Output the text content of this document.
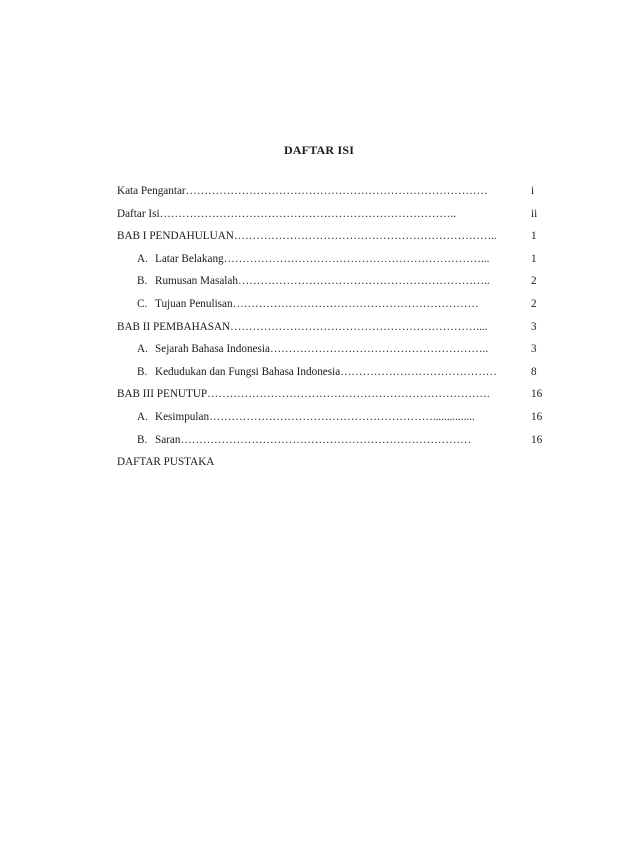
DAFTAR ISI
Kata Pengantar………………………………………………………………………	i
Daftar Isi……………………………………………………………………..	ii
BAB I PENDAHULUAN……………………………………………………………..	1
A. Latar Belakang……………………………………………………………...	1
B. Rumusan Masalah…………………………………………………………..	2
C. Tujuan Penulisan…………………………………………………………	2
BAB II PEMBAHASAN…………………………………………………………....	3
A. Sejarah Bahasa Indonesia…………………………………………………..	3
B. Kedudukan dan Fungsi Bahasa Indonesia……………………………………	8
BAB III PENUTUP………………………………………………………………….	16
A. Kesimpulan……………………………………………………...............	16
B. Saran……………………………………………………………………	16
DAFTAR PUSTAKA
